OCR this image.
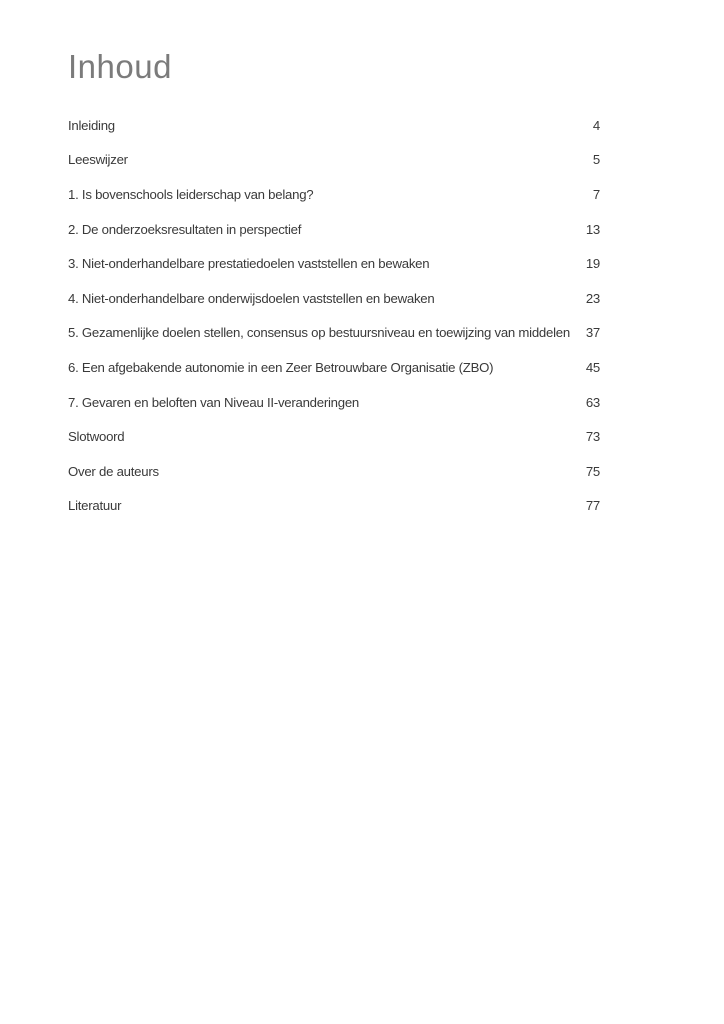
Inhoud
Inleiding	4
Leeswijzer	5
1. Is bovenschools leiderschap van belang?	7
2. De onderzoeksresultaten in perspectief	13
3. Niet-onderhandelbare prestatiedoelen vaststellen en bewaken	19
4. Niet-onderhandelbare onderwijsdoelen vaststellen en bewaken	23
5. Gezamenlijke doelen stellen, consensus op bestuursniveau en toewijzing van middelen	37
6. Een afgebakende autonomie in een Zeer Betrouwbare Organisatie (ZBO)	45
7. Gevaren en beloften van Niveau II-veranderingen	63
Slotwoord	73
Over de auteurs	75
Literatuur	77
